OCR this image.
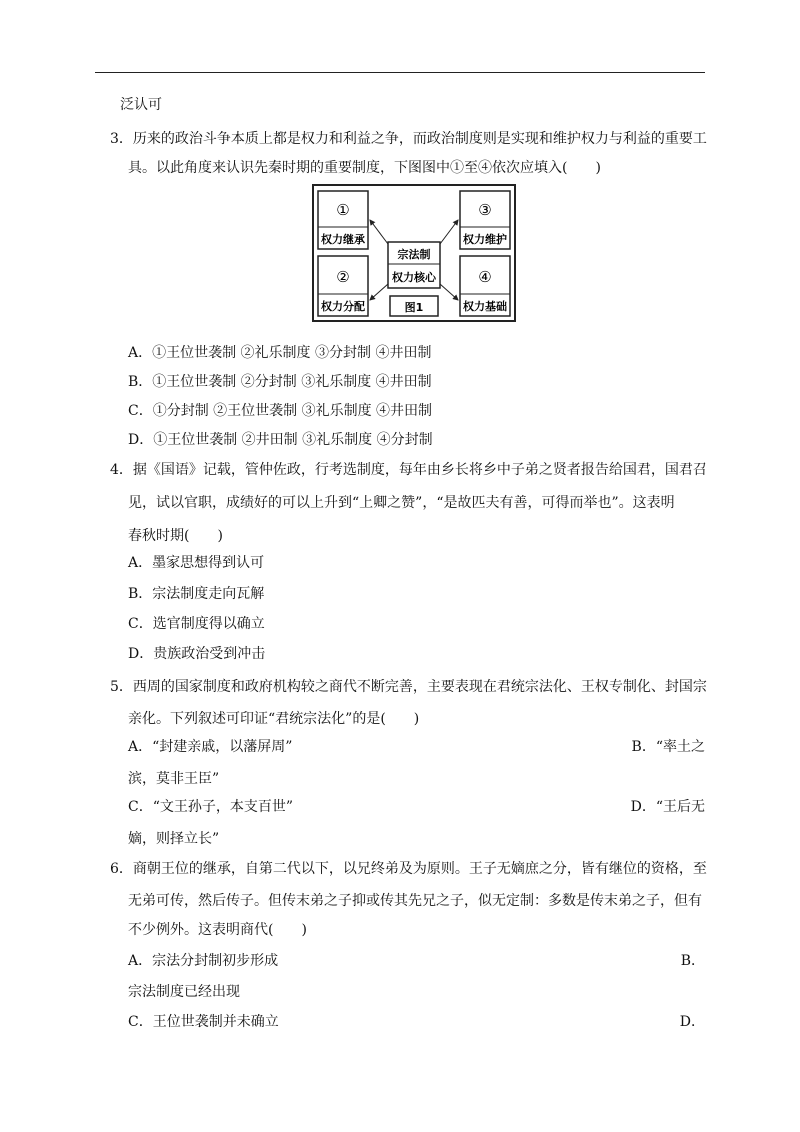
泛认可
3．历来的政治斗争本质上都是权力和利益之争，而政治制度则是实现和维护权力与利益的重要工
具。以此角度来认识先秦时期的重要制度，下图图中①至④依次应填入(　　)
①
权力继承
②
权力分配
③
权力维护
④
权力基础
宗法制
权力核心
图1
A．①王位世袭制 ②礼乐制度 ③分封制 ④井田制
B．①王位世袭制 ②分封制 ③礼乐制度 ④井田制
C．①分封制 ②王位世袭制 ③礼乐制度 ④井田制
D．①王位世袭制 ②井田制 ③礼乐制度 ④分封制
4．据《国语》记载，管仲佐政，行考选制度，每年由乡长将乡中子弟之贤者报告给国君，国君召
见，试以官职，成绩好的可以上升到“上卿之赞”，“是故匹夫有善，可得而举也”。这表明
春秋时期(　　)
A．墨家思想得到认可
B．宗法制度走向瓦解
C．选官制度得以确立
D．贵族政治受到冲击
5．西周的国家制度和政府机构较之商代不断完善，主要表现在君统宗法化、王权专制化、封国宗
亲化。下列叙述可印证“君统宗法化”的是(　　)
A．“封建亲戚，以藩屏周”	B．“率土之
滨，莫非王臣”
C．“文王孙子，本支百世”	D．“王后无
嫡，则择立长”
6．商朝王位的继承，自第二代以下，以兄终弟及为原则。王子无嫡庶之分，皆有继位的资格，至
无弟可传，然后传子。但传末弟之子抑或传其先兄之子，似无定制：多数是传末弟之子，但有
不少例外。这表明商代(　　)
A．宗法分封制初步形成	B．
宗法制度已经出现
C．王位世袭制并未确立	D．
